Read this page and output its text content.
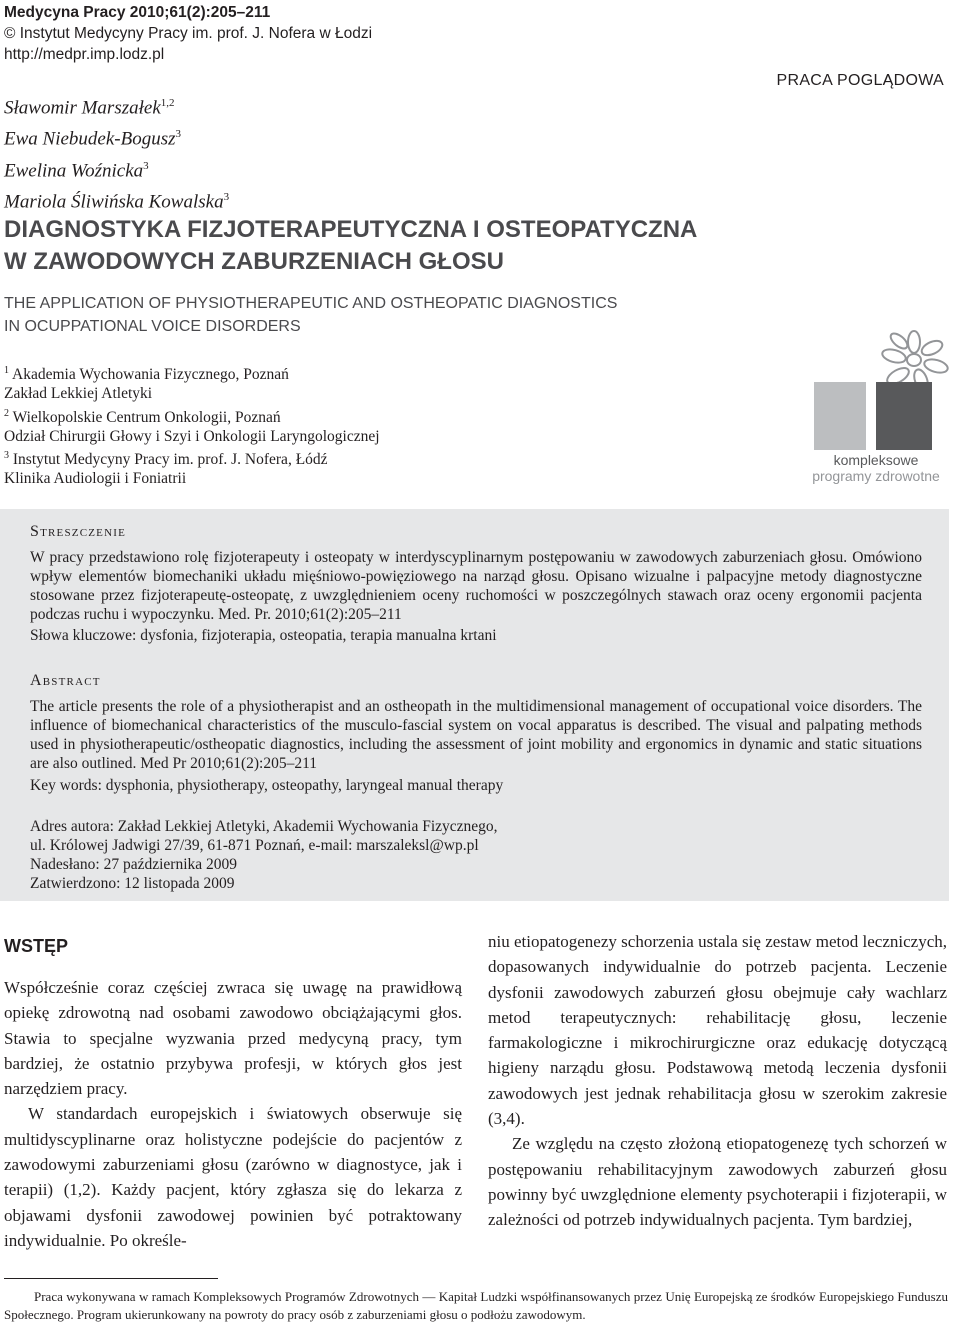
Medycyna Pracy 2010;61(2):205–211
© Instytut Medycyny Pracy im. prof. J. Nofera w Łodzi
http://medpr.imp.lodz.pl
PRACA POGLĄDOWA
Sławomir Marszałek$^{1,2}$
Ewa Niebudek-Bogusz$^3$
Ewelina Woźnicka$^3$
Mariola Śliwińska Kowalska$^3$
DIAGNOSTYKA FIZJOTERAPEUTYCZNA I OSTEOPATYCZNA
W ZAWODOWYCH ZABURZENIACH GŁOSU
THE APPLICATION OF PHYSIOTHERAPEUTIC AND OSTHEOPATIC DIAGNOSTICS
IN OCUPPATIONAL VOICE DISORDERS
$^1$ Akademia Wychowania Fizycznego, Poznań
Zakład Lekkiej Atletyki
$^2$ Wielkopolskie Centrum Onkologii, Poznań
Odział Chirurgii Głowy i Szyi i Onkologii Laryngologicznej
$^3$ Instytut Medycyny Pracy im. prof. J. Nofera, Łódź
Klinika Audiologii i Foniatrii
kompleksowe
programy zdrowotne
Streszczenie
W pracy przedstawiono rolę fizjoterapeuty i osteopaty w interdyscyplinarnym postępowaniu w zawodowych zaburzeniach głosu. Omówiono wpływ elementów biomechaniki układu mięśniowo-powięziowego na narząd głosu. Opisano wizualne i palpacyjne metody diagnostyczne stosowane przez fizjoterapeutę-osteopatę, z uwzględnieniem oceny ruchomości w poszczególnych stawach oraz oceny ergonomii pacjenta podczas ruchu i wypoczynku. Med. Pr. 2010;61(2):205–211
Słowa kluczowe: dysfonia, fizjoterapia, osteopatia, terapia manualna krtani
Abstract
The article presents the role of a physiotherapist and an ostheopath in the multidimensional management of occupational voice disorders. The influence of biomechanical characteristics of the musculo-fascial system on vocal apparatus is described. The visual and palpating methods used in physiotherapeutic/ostheopatic diagnostics, including the assessment of joint mobility and ergonomics in dynamic and static situations are also outlined. Med Pr 2010;61(2):205–211
Key words: dysphonia, physiotherapy, osteopathy, laryngeal manual therapy
Adres autora: Zakład Lekkiej Atletyki, Akademii Wychowania Fizycznego,
ul. Królowej Jadwigi 27/39, 61-871 Poznań, e-mail: marszaleksl@wp.pl
Nadesłano: 27 października 2009
Zatwierdzono: 12 listopada 2009
WSTĘP

Współcześnie coraz częściej zwraca się uwagę na prawidłową opiekę zdrowotną nad osobami zawodowo obciążającymi głos. Stawia to specjalne wyzwania przed medycyną pracy, tym bardziej, że ostatnio przybywa profesji, w których głos jest narzędziem pracy.

W standardach europejskich i światowych obserwuje się multidyscyplinarne oraz holistyczne podejście do pacjentów z zawodowymi zaburzeniami głosu (zarówno w diagnostyce, jak i terapii) (1,2). Każdy pacjent, który zgłasza się do lekarza z objawami dysfonii zawodowej powinien być potraktowany indywidualnie. Po określe-

niu etiopatogenezy schorzenia ustala się zestaw metod leczniczych, dopasowanych indywidualnie do potrzeb pacjenta. Leczenie dysfonii zawodowych zaburzeń głosu obejmuje cały wachlarz metod terapeutycznych: rehabilitację głosu, leczenie farmakologiczne i mikrochirurgiczne oraz edukację dotyczącą higieny narządu głosu. Podstawową metodą leczenia dysfonii zawodowych jest jednak rehabilitacja głosu w szerokim zakresie (3,4).

Ze względu na często złożoną etiopatogenezę tych schorzeń w postępowaniu rehabilitacyjnym zawodowych zaburzeń głosu powinny być uwzględnione elementy psychoterapii i fizjoterapii, w zależności od potrzeb indywidualnych pacjenta. Tym bardziej,

Praca wykonywana w ramach Kompleksowych Programów Zdrowotnych — Kapitał Ludzki współfinansowanych przez Unię Europejską ze środków Europejskiego Funduszu Społecznego. Program ukierunkowany na powroty do pracy osób z zaburzeniami głosu o podłożu zawodowym.
